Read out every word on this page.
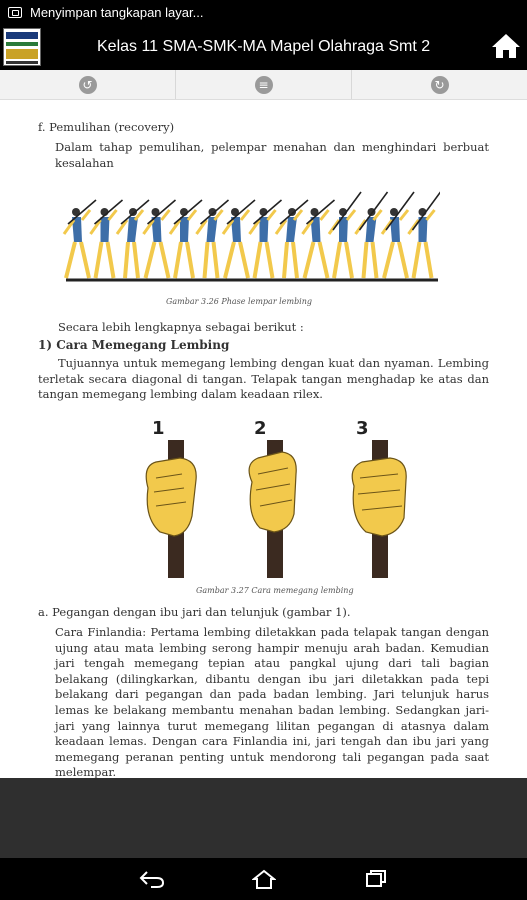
Menyimpan tangkapan layar...
Kelas 11 SMA-SMK-MA Mapel Olahraga Smt 2
↺	≡	↻
f. Pemulihan (recovery)
Dalam tahap pemulihan, pelempar menahan dan menghindari berbuat kesalahan
Gambar 3.26 Phase lempar lembing
Secara lebih lengkapnya sebagai berikut :
1) Cara Memegang Lembing
Tujuannya untuk memegang lembing dengan kuat dan nyaman. Lembing terletak secara diagonal di tangan. Telapak tangan menghadap ke atas dan tangan memegang lembing dalam keadaan rilex.
1	2	3
Gambar 3.27 Cara memegang lembing
a. Pegangan dengan ibu jari dan telunjuk (gambar 1).
Cara Finlandia: Pertama lembing diletakkan pada telapak tangan dengan ujung atau mata lembing serong hampir menuju arah badan. Kemudian jari tengah memegang tepian atau pangkal ujung dari tali bagian belakang (dilingkarkan, dibantu dengan ibu jari diletakkan pada tepi belakang dari pegangan dan pada badan lembing. Jari telunjuk harus lemas ke belakang membantu menahan badan lembing. Sedangkan jari-jari yang lainnya turut memegang lilitan pegangan di atasnya dalam keadaan lemas. Dengan cara Finlandia ini, jari tengah dan ibu jari yang memegang peranan penting untuk mendorong tali pegangan pada saat melempar.
